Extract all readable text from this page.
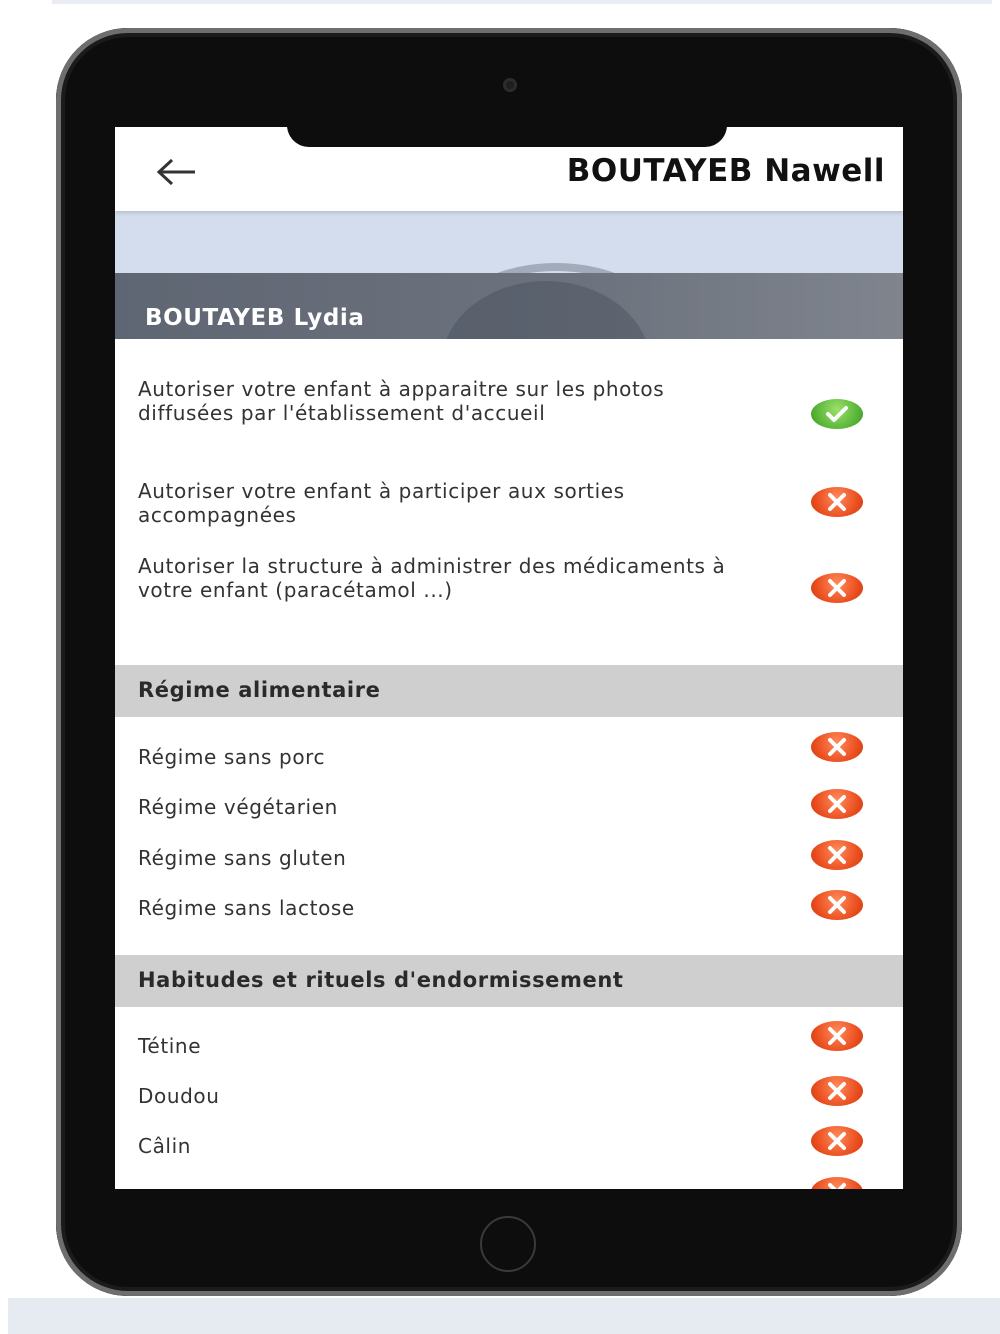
BOUTAYEB Nawell
BOUTAYEB Lydia
Autoriser votre enfant à apparaitre sur les photos diffusées par l'établissement d'accueil
Autoriser votre enfant à participer aux sorties accompagnées
Autoriser la structure à administrer des médicaments à votre enfant (paracétamol ...)
Régime alimentaire
Régime sans porc
Régime végétarien
Régime sans gluten
Régime sans lactose
Habitudes et rituels d'endormissement
Tétine
Doudou
Câlin
